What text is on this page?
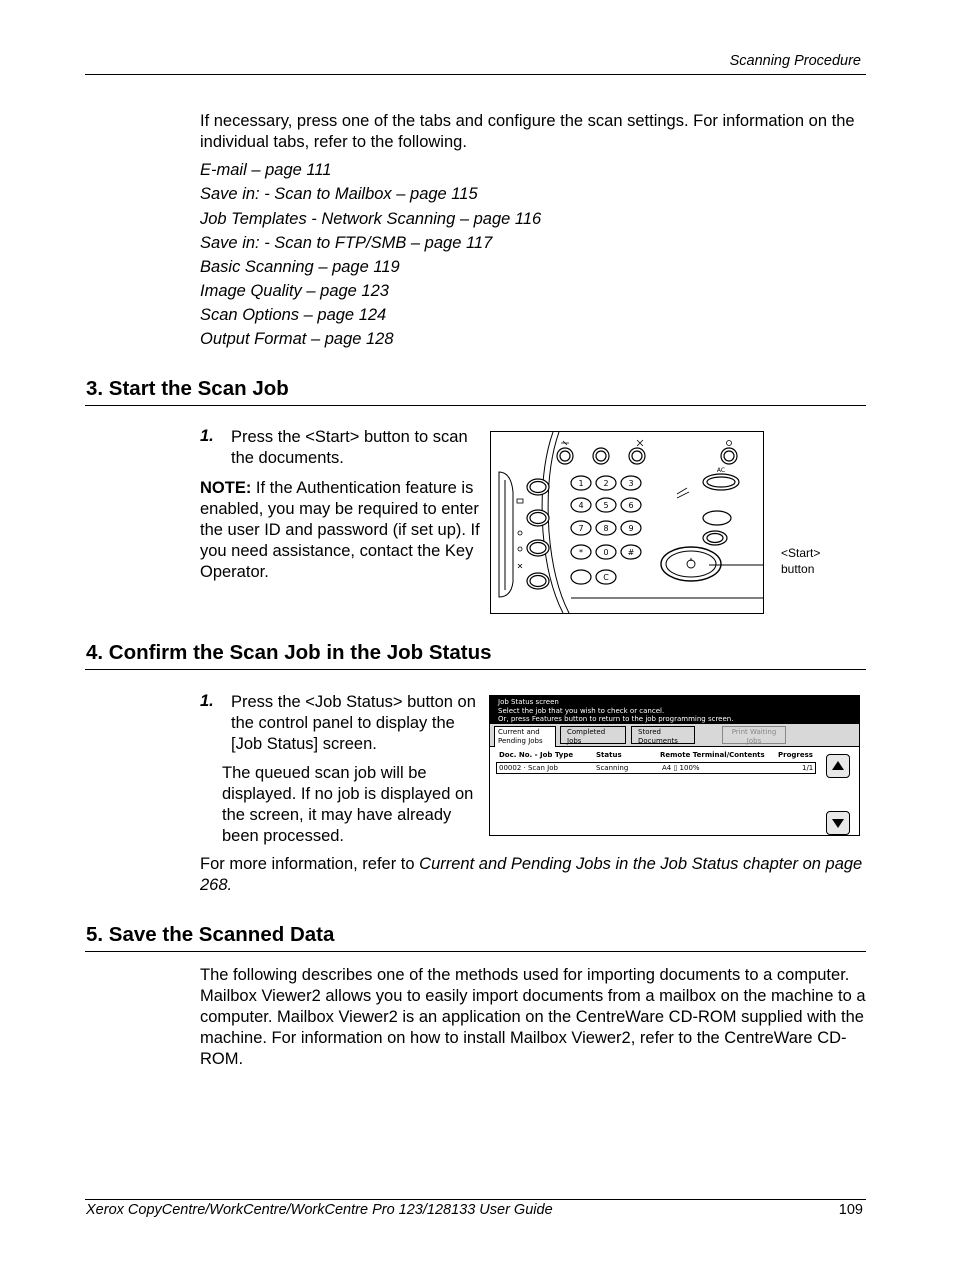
Scanning Procedure
If necessary, press one of the tabs and configure the scan settings. For information on the individual tabs, refer to the following.
E-mail – page 111
Save in: - Scan to Mailbox – page 115
Job Templates - Network Scanning – page 116
Save in: - Scan to FTP/SMB – page 117
Basic Scanning – page 119
Image Quality – page 123
Scan Options – page 124
Output Format – page 128
3. Start the Scan Job
1. Press the <Start> button to scan the documents.
NOTE: If the Authentication feature is enabled, you may be required to enter the user ID and password (if set up). If you need assistance, contact the Key Operator.
1 2 3
4 5 6
7 8 9
*	0 #
C
AC
<Start> button
4. Confirm the Scan Job in the Job Status
1. Press the <Job Status> button on the control panel to display the [Job Status] screen.
The queued scan job will be displayed. If no job is displayed on the screen, it may have already been processed.
Job Status screen
Select the job that you wish to check or cancel.
Or, press Features button to return to the job programming screen.
Current and Pending Jobs
Completed Jobs
Stored Documents
Print Waiting Jobs
Doc. No. - Job Type	Status	Remote Terminal/Contents Progress
00002 · Scan Job	Scanning	A4 ▯ 100%	1/1
For more information, refer to Current and Pending Jobs in the Job Status chapter on page 268.
5. Save the Scanned Data
The following describes one of the methods used for importing documents to a computer. Mailbox Viewer2 allows you to easily import documents from a mailbox on the machine to a computer. Mailbox Viewer2 is an application on the CentreWare CD-ROM supplied with the machine. For information on how to install Mailbox Viewer2, refer to the CentreWare CD-ROM.
Xerox CopyCentre/WorkCentre/WorkCentre Pro 123/128133 User Guide	109
